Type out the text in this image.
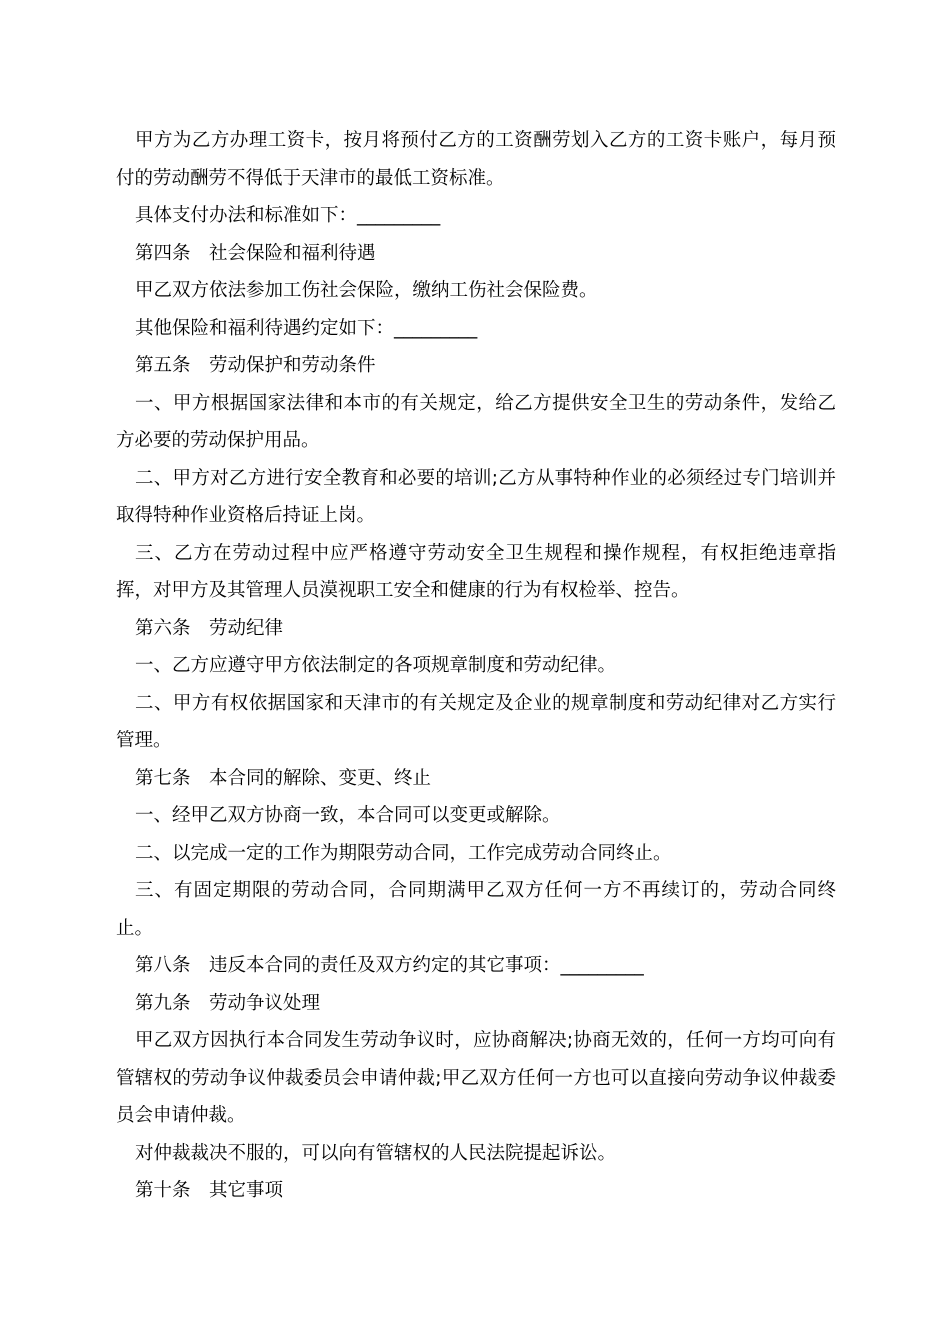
甲方为乙方办理工资卡，按月将预付乙方的工资酬劳划入乙方的工资卡账户，每月预付的劳动酬劳不得低于天津市的最低工资标准。

具体支付办法和标准如下：_________

第四条　社会保险和福利待遇

甲乙双方依法参加工伤社会保险，缴纳工伤社会保险费。

其他保险和福利待遇约定如下：_________

第五条　劳动保护和劳动条件

一、甲方根据国家法律和本市的有关规定，给乙方提供安全卫生的劳动条件，发给乙方必要的劳动保护用品。

二、甲方对乙方进行安全教育和必要的培训;乙方从事特种作业的必须经过专门培训并取得特种作业资格后持证上岗。

三、乙方在劳动过程中应严格遵守劳动安全卫生规程和操作规程，有权拒绝违章指挥，对甲方及其管理人员漠视职工安全和健康的行为有权检举、控告。

第六条　劳动纪律

一、乙方应遵守甲方依法制定的各项规章制度和劳动纪律。

二、甲方有权依据国家和天津市的有关规定及企业的规章制度和劳动纪律对乙方实行管理。

第七条　本合同的解除、变更、终止

一、经甲乙双方协商一致，本合同可以变更或解除。

二、以完成一定的工作为期限劳动合同，工作完成劳动合同终止。

三、有固定期限的劳动合同，合同期满甲乙双方任何一方不再续订的，劳动合同终止。

第八条　违反本合同的责任及双方约定的其它事项：_________

第九条　劳动争议处理

甲乙双方因执行本合同发生劳动争议时，应协商解决;协商无效的，任何一方均可向有管辖权的劳动争议仲裁委员会申请仲裁;甲乙双方任何一方也可以直接向劳动争议仲裁委员会申请仲裁。

对仲裁裁决不服的，可以向有管辖权的人民法院提起诉讼。

第十条　其它事项
